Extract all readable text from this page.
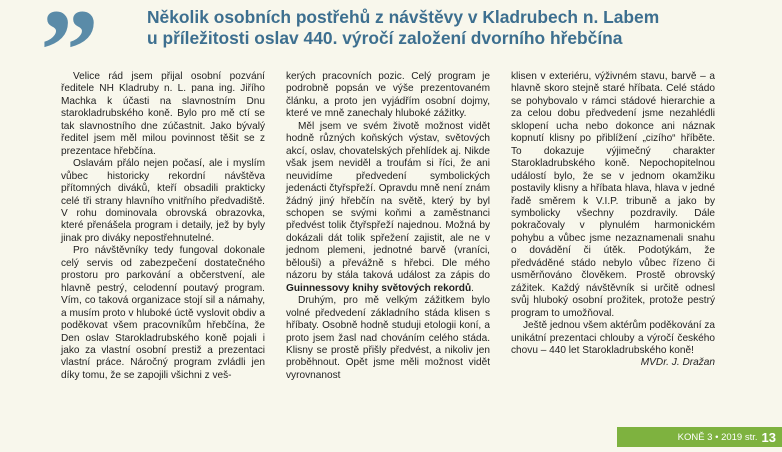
”	Několik osobních postřehů z návštěvy v Kladrubech n. Labem
u příležitosti oslav 440. výročí založení dvorního hřebčína

Velice rád jsem přijal osobní pozvání ředitele NH Kladruby n. L. pana ing. Jiřího Machka k účasti na slavnostním Dnu starokladrubského koně. Bylo pro mě ctí se tak slavnostního dne zúčastnit. Jako bývalý ředitel jsem měl milou povinnost těšit se z prezentace hřebčína.

Oslavám přálo nejen počasí, ale i myslím vůbec historicky rekordní návštěva přítomných diváků, kteří obsadili prakticky celé tři strany hlavního vnitřního předvadiště. V rohu dominovala obrovská obrazovka, které přenášela program i detaily, jež by byly jinak pro diváky nepostřehnutelné.

Pro návštěvníky tedy fungoval dokonale celý servis od zabezpečení dostatečného prostoru pro parkování a občerstvení, ale hlavně pestrý, celodenní poutavý program. Vím, co taková organizace stojí sil a námahy, a musím proto v hluboké úctě vyslovit obdiv a poděkovat všem pracovníkům hřebčína, že Den oslav Starokladrubského koně pojali i jako za vlastní osobní prestiž a prezentaci vlastní práce. Náročný program zvládli jen díky tomu, že se zapojili všichni z veš-

kerých pracovních pozic. Celý program je podrobně popsán ve výše prezentovaném článku, a proto jen vyjádřím osobní dojmy, které ve mně zanechaly hluboké zážitky.

Měl jsem ve svém životě možnost vidět hodně různých koňských výstav, světových akcí, oslav, chovatelských přehlídek aj. Nikde však jsem neviděl a troufám si říci, že ani neuvidíme předvedení symbolických jedenácti čtyřspřeží. Opravdu mně není znám žádný jiný hřebčín na světě, který by byl schopen se svými koňmi a zaměstnanci předvést tolik čtyřspřeží najednou. Možná by dokázali dát tolik spřežení zajistit, ale ne v jednom plemeni, jednotné barvě (vraníci, bělouši) a převážně s hřebci. Dle mého názoru by stála taková událost za zápis do Guinnessovy knihy světových rekordů.

Druhým, pro mě velkým zážitkem bylo volné předvedení základního stáda klisen s hříbaty. Osobně hodně studuji etologii koní, a proto jsem žasl nad chováním celého stáda. Klisny se prostě přišly předvést, a nikoliv jen proběhnout. Opět jsme měli možnost vidět vyrovnanost

klisen v exteriéru, výživném stavu, barvě – a hlavně skoro stejně staré hříbata. Celé stádo se pohybovalo v rámci stádové hierarchie a za celou dobu předvedení jsme nezahlédli sklopení ucha nebo dokonce ani náznak kopnutí klisny po přiblížení „cizího“ hříběte. To dokazuje výjimečný charakter Starokladrubského koně. Nepochopitelnou událostí bylo, že se v jednom okamžiku postavily klisny a hříbata hlava, hlava v jedné řadě směrem k V.I.P. tribuně a jako by symbolicky všechny pozdravily. Dále pokračovaly v plynulém harmonickém pohybu a vůbec jsme nezaznamenali snahu o dovádění či útěk. Podotýkám, že předváděné stádo nebylo vůbec řízeno či usměrňováno člověkem. Prostě obrovský zážitek. Každý návštěvník si určitě odnesl svůj hluboký osobní prožitek, protože pestrý program to umožňoval.

Ještě jednou všem aktérům poděkování za unikátní prezentaci chlouby a výročí českého chovu – 440 let Starokladrubského koně!

MVDr. J. Dražan

KONĚ 3 • 2019 str. 13
